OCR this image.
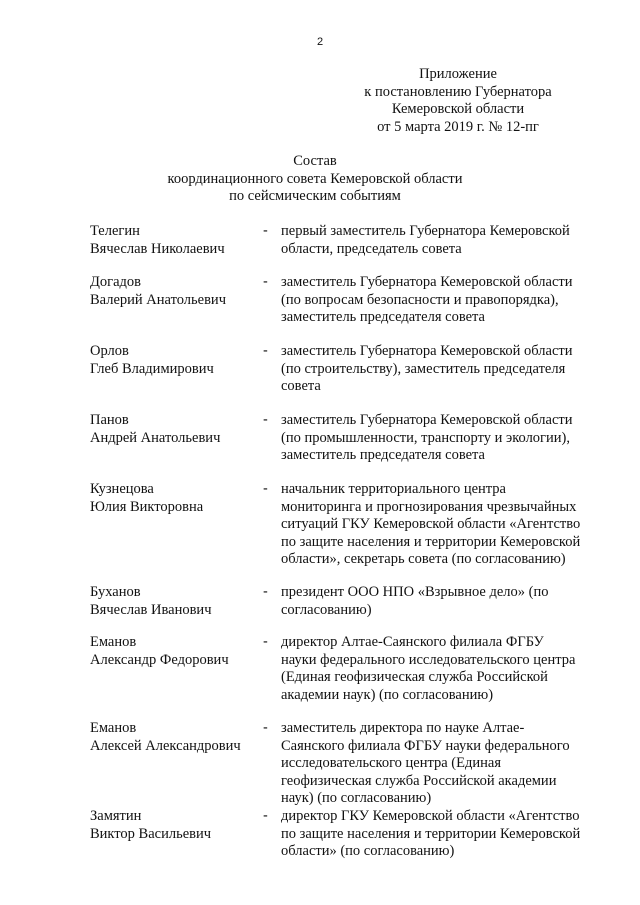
2
Приложение
к постановлению Губернатора
Кемеровской области
от 5 марта 2019 г. № 12-пг
Состав
координационного совета Кемеровской области
по сейсмическим событиям
Телегин
Вячеслав Николаевич
- первый заместитель Губернатора Кемеровской
области, председатель совета
Догадов
Валерий Анатольевич
- заместитель Губернатора Кемеровской области
(по вопросам безопасности и правопорядка),
заместитель председателя совета
Орлов
Глеб Владимирович
- заместитель Губернатора Кемеровской области
(по строительству), заместитель председателя
совета
Панов
Андрей Анатольевич
- заместитель Губернатора Кемеровской области
(по промышленности, транспорту и экологии),
заместитель председателя совета
Кузнецова
Юлия Викторовна
- начальник территориального центра
мониторинга и прогнозирования чрезвычайных
ситуаций ГКУ Кемеровской области «Агентство
по защите населения и территории Кемеровской
области», секретарь совета (по согласованию)
Буханов
Вячеслав Иванович
- президент ООО НПО «Взрывное дело» (по
согласованию)
Еманов
Александр Федорович
- директор Алтае-Саянского филиала ФГБУ
науки федерального исследовательского центра
(Единая геофизическая служба Российской
академии наук) (по согласованию)
Еманов
Алексей Александрович
- заместитель директора по науке Алтае-
Саянского филиала ФГБУ науки федерального
исследовательского центра (Единая
геофизическая служба Российской академии
наук) (по согласованию)
Замятин
Виктор Васильевич
- директор ГКУ Кемеровской области «Агентство
по защите населения и территории Кемеровской
области» (по согласованию)
